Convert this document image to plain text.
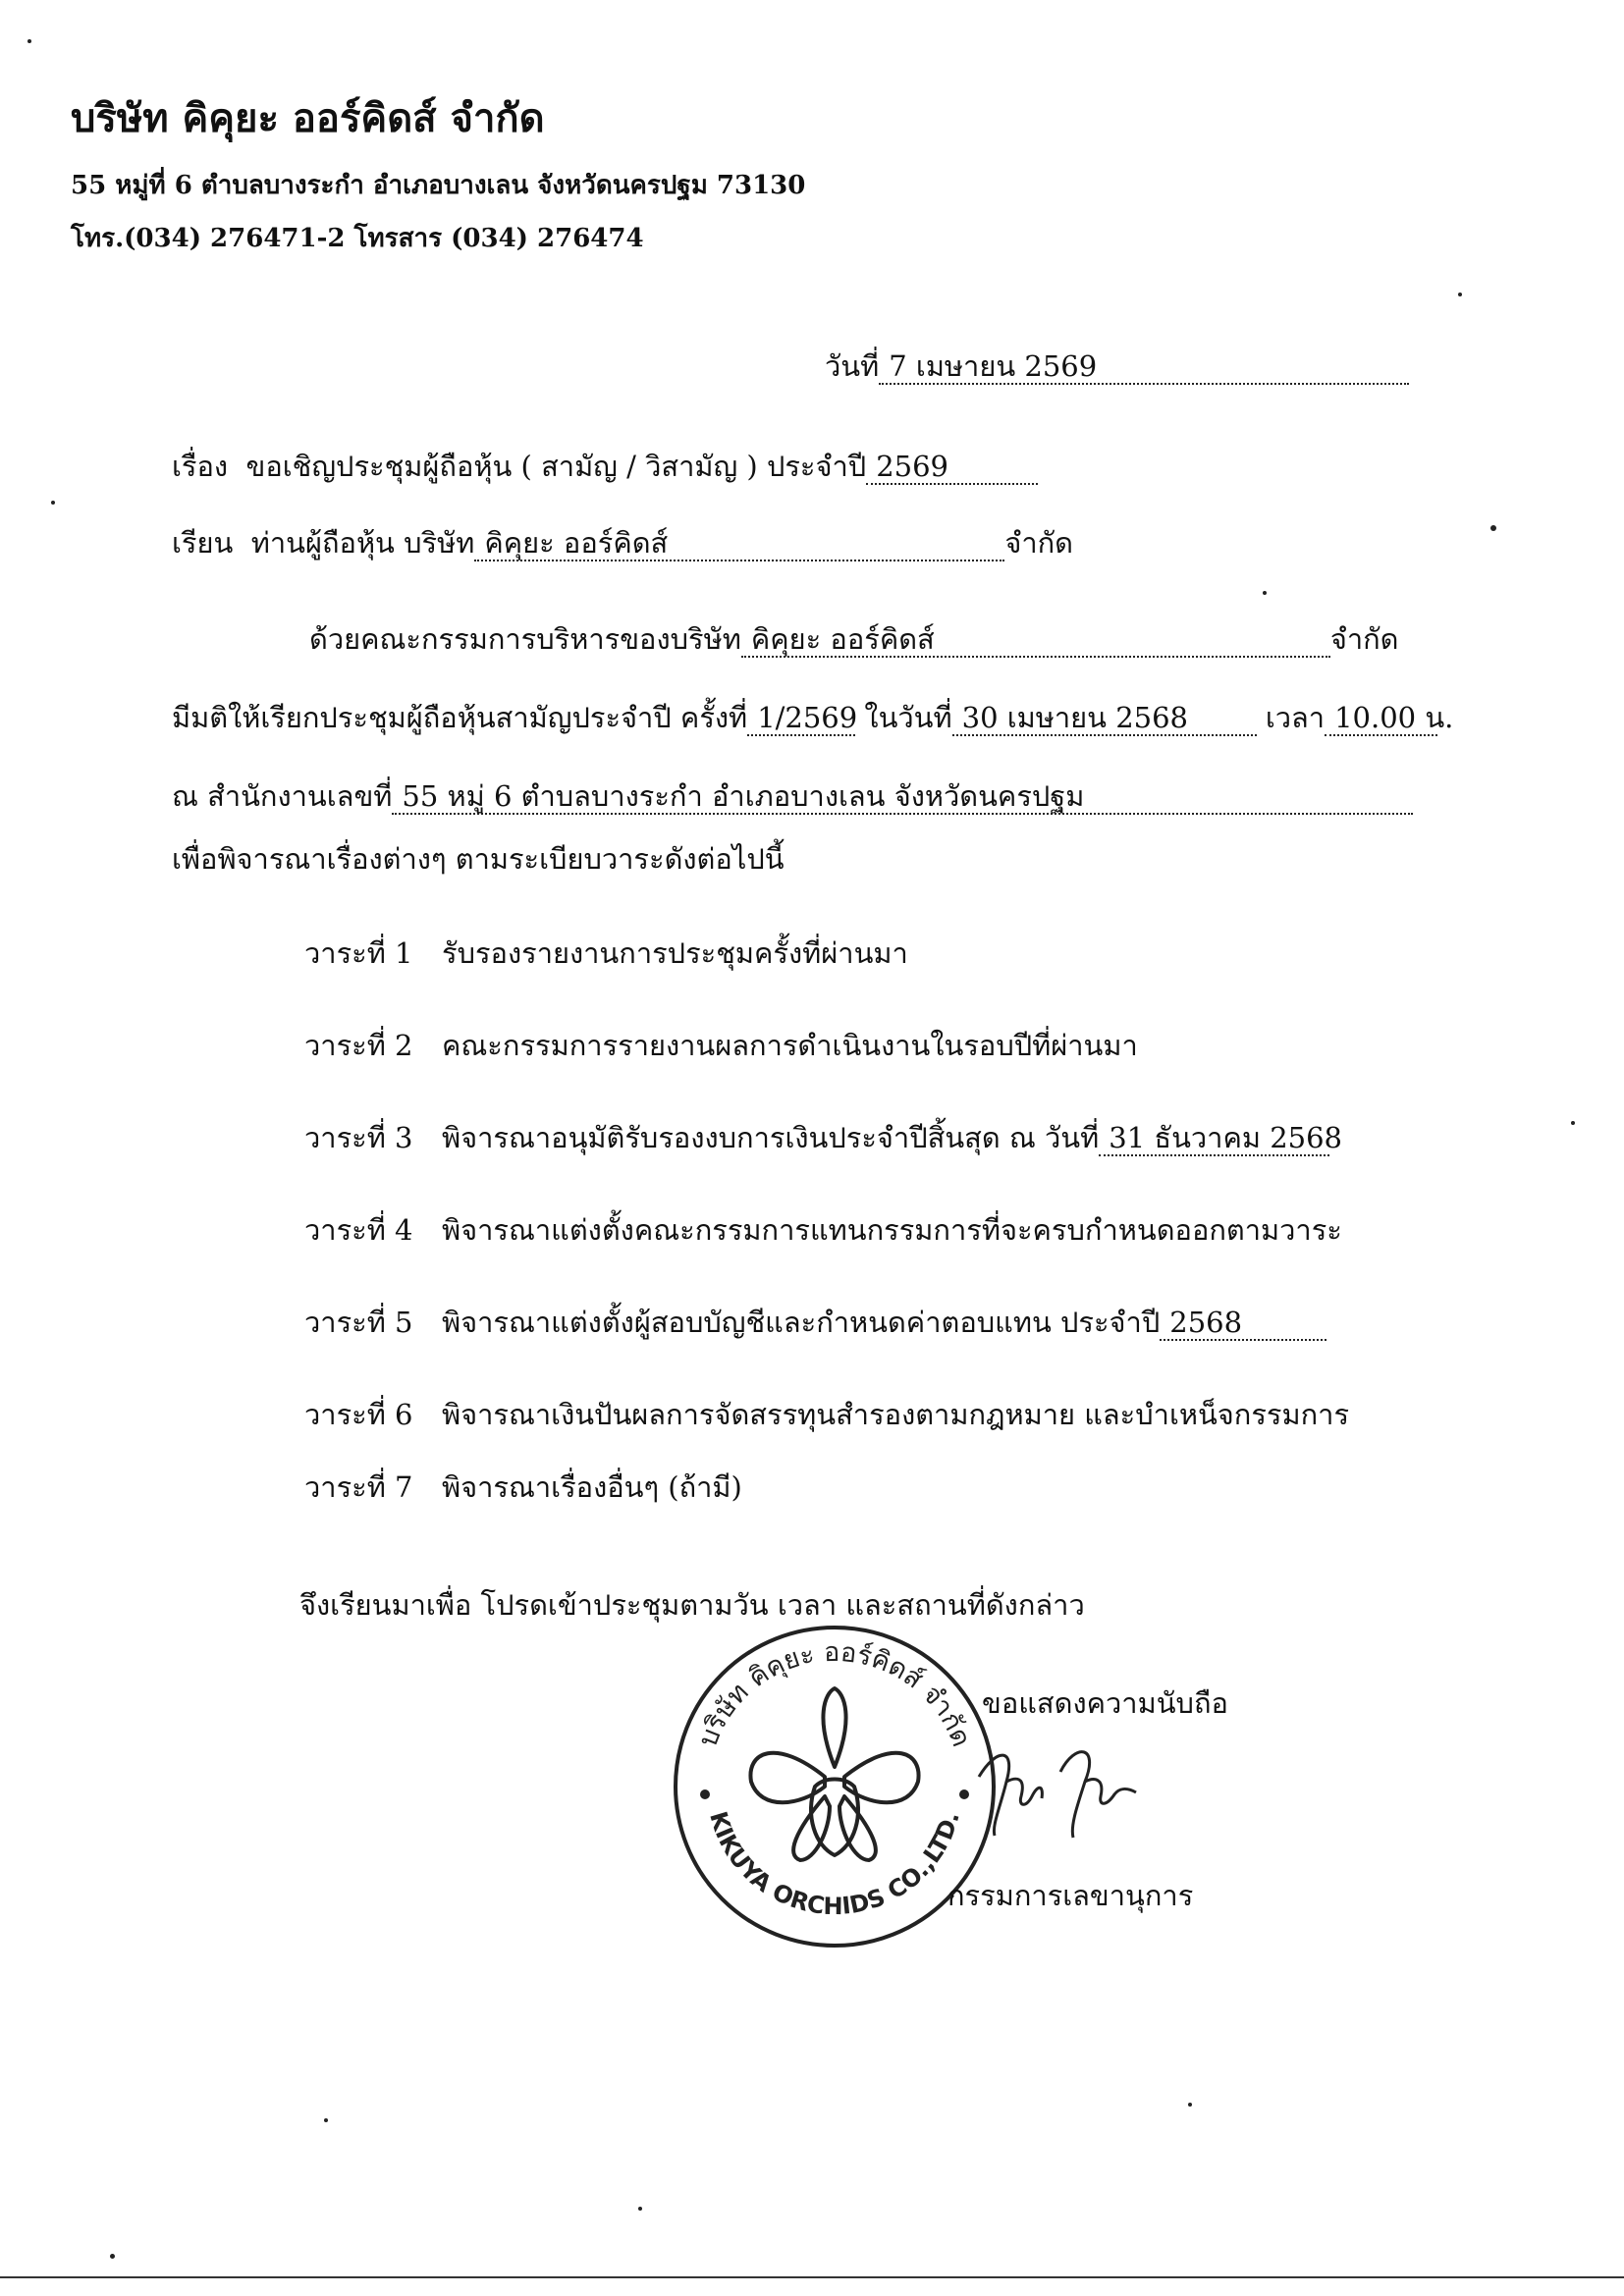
บริษัท คิคุยะ ออร์คิดส์ จำกัด
55 หมู่ที่ 6 ตำบลบางระกำ อำเภอบางเลน จังหวัดนครปฐม 73130
โทร.(034) 276471-2 โทรสาร (034) 276474
วันที่ 7 เมษายน 2569
เรื่อง ขอเชิญประชุมผู้ถือหุ้น ( สามัญ / วิสามัญ ) ประจำปี 2569
เรียน ท่านผู้ถือหุ้น บริษัท คิคุยะ ออร์คิดส์	จำกัด
ด้วยคณะกรรมการบริหารของบริษัท คิคุยะ ออร์คิดส์	จำกัด
มีมติให้เรียกประชุมผู้ถือหุ้นสามัญประจำปี ครั้งที่ 1/2569 ในวันที่ 30 เมษายน 2568	เวลา 10.00 น.
ณ สำนักงานเลขที่ 55 หมู่ 6 ตำบลบางระกำ อำเภอบางเลน จังหวัดนครปฐม
เพื่อพิจารณาเรื่องต่างๆ ตามระเบียบวาระดังต่อไปนี้
วาระที่ 1 รับรองรายงานการประชุมครั้งที่ผ่านมา
วาระที่ 2 คณะกรรมการรายงานผลการดำเนินงานในรอบปีที่ผ่านมา
วาระที่ 3 พิจารณาอนุมัติรับรองงบการเงินประจำปีสิ้นสุด ณ วันที่ 31 ธันวาคม 2568
วาระที่ 4 พิจารณาแต่งตั้งคณะกรรมการแทนกรรมการที่จะครบกำหนดออกตามวาระ
วาระที่ 5 พิจารณาแต่งตั้งผู้สอบบัญชีและกำหนดค่าตอบแทน ประจำปี 2568
วาระที่ 6 พิจารณาเงินปันผลการจัดสรรทุนสำรองตามกฎหมาย และบำเหน็จกรรมการ
วาระที่ 7 พิจารณาเรื่องอื่นๆ (ถ้ามี)
จึงเรียนมาเพื่อ โปรดเข้าประชุมตามวัน เวลา และสถานที่ดังกล่าว
ขอแสดงความนับถือ
บริษัท คิคุยะ ออร์คิดส์ จำกัด
KIKUYA ORCHIDS CO.,LTD.
กรรมการเลขานุการ
